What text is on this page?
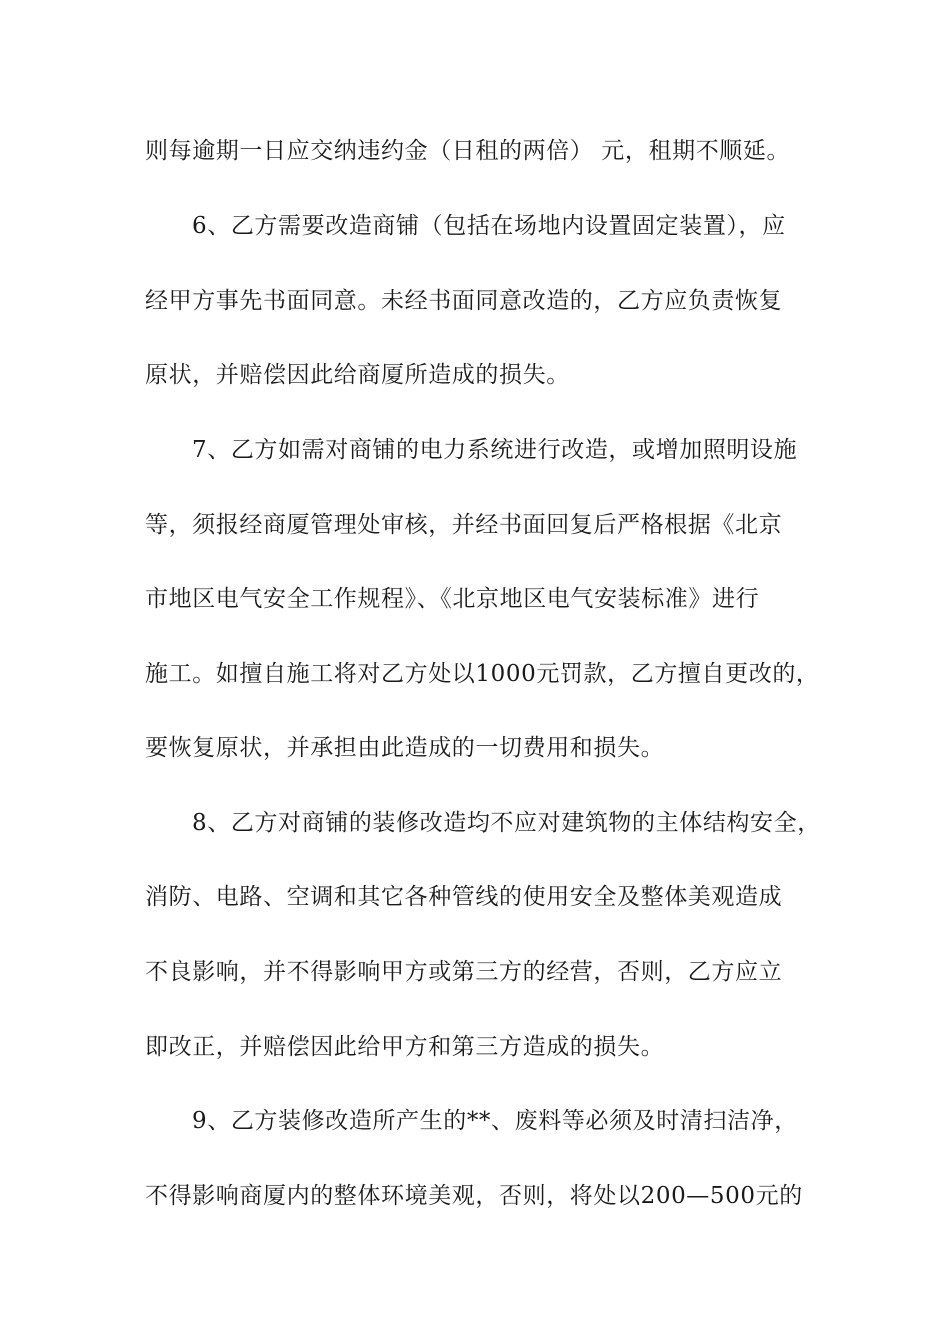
则每逾期一日应交纳违约金（日租的两倍） 元，租期不顺延。
6、乙方需要改造商铺（包括在场地内设置固定装置），应
经甲方事先书面同意。未经书面同意改造的，乙方应负责恢复
原状，并赔偿因此给商厦所造成的损失。
7、乙方如需对商铺的电力系统进行改造，或增加照明设施
等，须报经商厦管理处审核，并经书面回复后严格根据《北京
市地区电气安全工作规程》、《北京地区电气安装标准》进行
施工。如擅自施工将对乙方处以1000元罚款，乙方擅自更改的，
要恢复原状，并承担由此造成的一切费用和损失。
8、乙方对商铺的装修改造均不应对建筑物的主体结构安全，
消防、电路、空调和其它各种管线的使用安全及整体美观造成
不良影响，并不得影响甲方或第三方的经营，否则，乙方应立
即改正，并赔偿因此给甲方和第三方造成的损失。
9、乙方装修改造所产生的**、废料等必须及时清扫洁净，
不得影响商厦内的整体环境美观，否则，将处以200—500元的
